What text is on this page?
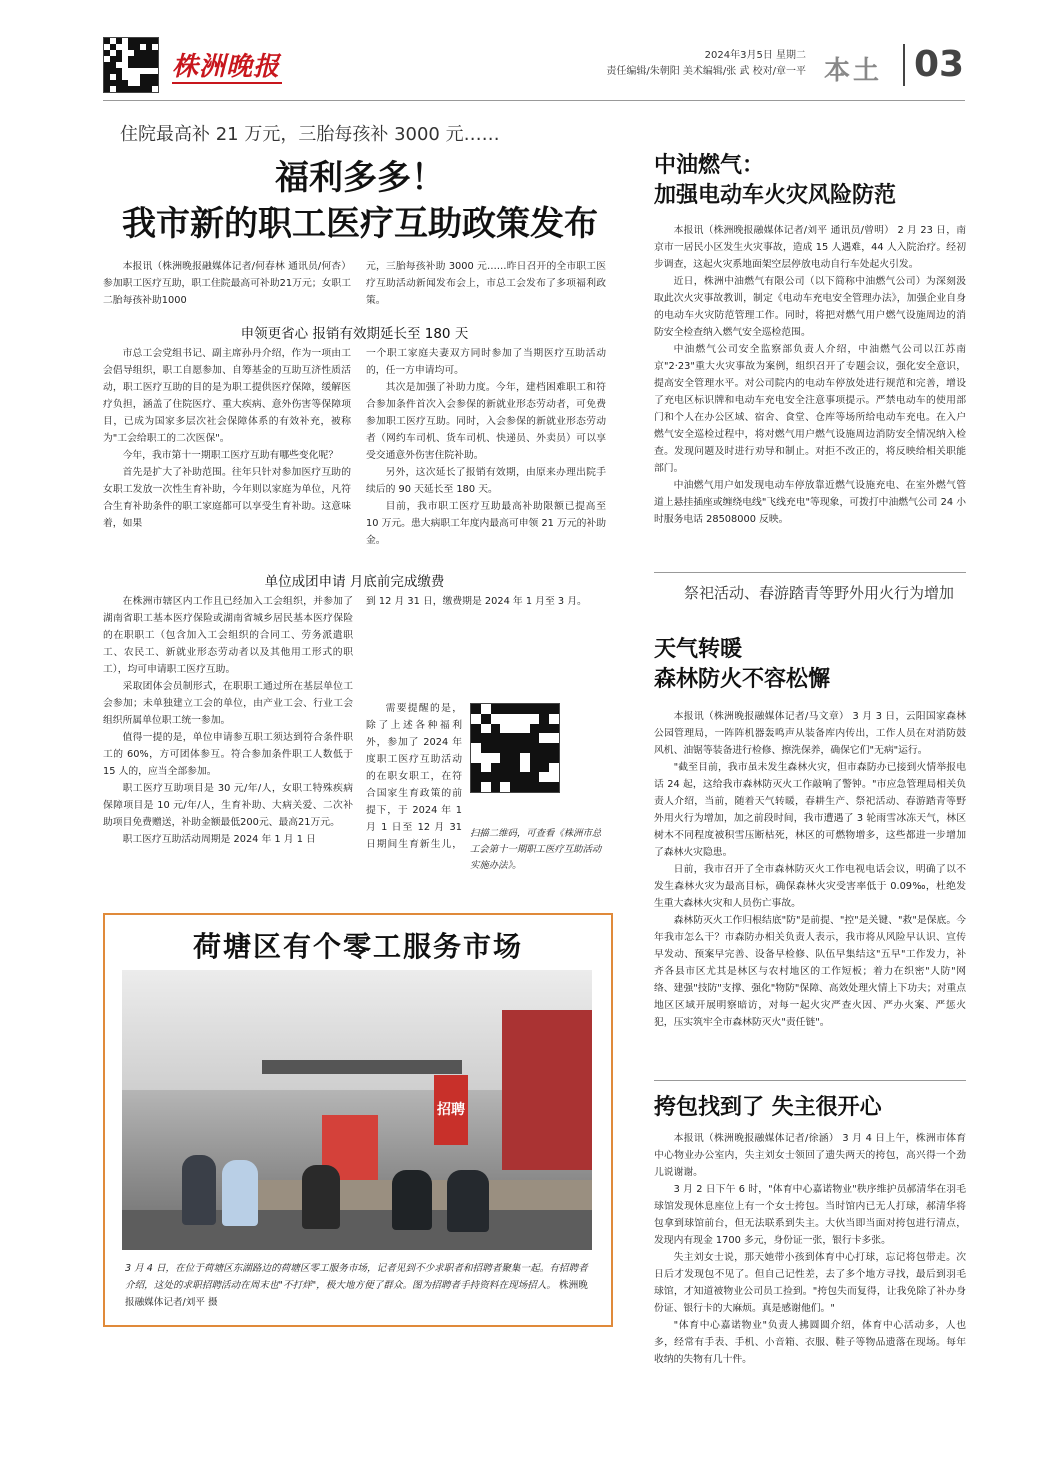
株洲晚报	2024年3月5日 星期二
责任编辑/朱朝阳 美术编辑/张 武 校对/章一平 本土 03
住院最高补 21 万元，三胎每孩补 3000 元……
福利多多！
我市新的职工医疗互助政策发布

本报讯（株洲晚报融媒体记者/何春林 通讯员/何杏） 参加职工医疗互助，职工住院最高可补助21万元；女职工二胎每孩补助1000

元，三胎每孩补助 3000 元……昨日召开的全市职工医疗互助活动新闻发布会上，市总工会发布了多项福利政策。

申领更省心 报销有效期延长至 180 天

市总工会党组书记、副主席孙丹介绍，作为一项由工会倡导组织，职工自愿参加、自筹基金的互助互济性质活动，职工医疗互助的目的是为职工提供医疗保障，缓解医疗负担，涵盖了住院医疗、重大疾病、意外伤害等保障项目，已成为国家多层次社会保障体系的有效补充，被称为"工会给职工的二次医保"。

今年，我市第十一期职工医疗互助有哪些变化呢？

首先是扩大了补助范围。往年只针对参加医疗互助的女职工发放一次性生育补助，今年则以家庭为单位，凡符合生育补助条件的职工家庭都可以享受生育补助。这意味着，如果

一个职工家庭夫妻双方同时参加了当期医疗互助活动的，任一方申请均可。

其次是加强了补助力度。今年，建档困难职工和符合参加条件首次入会参保的新就业形态劳动者，可免费参加职工医疗互助。同时，入会参保的新就业形态劳动者（网约车司机、货车司机、快递员、外卖员）可以享受交通意外伤害住院补助。

另外，这次延长了报销有效期，由原来办理出院手续后的 90 天延长至 180 天。

目前，我市职工医疗互助最高补助限额已提高至 10 万元。患大病职工年度内最高可申领 21 万元的补助金。

单位成团申请 月底前完成缴费

在株洲市辖区内工作且已经加入工会组织，并参加了湖南省职工基本医疗保险或湖南省城乡居民基本医疗保险的在职职工（包含加入工会组织的合同工、劳务派遣职工、农民工、新就业形态劳动者以及其他用工形式的职工），均可申请职工医疗互助。

采取团体会员制形式，在职职工通过所在基层单位工会参加；未单独建立工会的单位，由产业工会、行业工会组织所属单位职工统一参加。

值得一提的是，单位申请参互职工须达到符合条件职工的 60%，方可团体参互。符合参加条件职工人数低于 15 人的，应当全部参加。

职工医疗互助项目是 30 元/年/人，女职工特殊疾病保障项目是 10 元/年/人，生育补助、大病关爱、二次补助项目免费赠送，补助金额最低200元、最高21万元。

职工医疗互助活动周期是 2024 年 1 月 1 日

到 12 月 31 日，缴费期是 2024 年 1 月至 3 月。

需要提醒的是，除了上述各种福利外，参加了 2024 年度职工医疗互助活动的在职女职工，在符合国家生育政策的前提下，于 2024 年 1 月 1 日至 12 月 31 日期间生育新生儿，

扫描二维码，可查看《株洲市总工会第十一期职工医疗互助活动实施办法》。
荷塘区有个零工服务市场
招聘
3 月 4 日，在位于荷塘区东湖路边的荷塘区零工服务市场，记者见到不少求职者和招聘者聚集一起。有招聘者介绍，这处的求职招聘活动在周末也"不打烊"，极大地方便了群众。图为招聘者手持资料在现场招人。 株洲晚报融媒体记者/刘平 摄
中油燃气：
加强电动车火灾风险防范

本报讯（株洲晚报融媒体记者/刘平 通讯员/曾明） 2 月 23 日，南京市一居民小区发生火灾事故，造成 15 人遇难，44 人入院治疗。经初步调查，这起火灾系地面架空层停放电动自行车处起火引发。

近日，株洲中油燃气有限公司（以下简称中油燃气公司）为深刻汲取此次火灾事故教训，制定《电动车充电安全管理办法》，加强企业自身的电动车火灾防范管理工作。同时，将把对燃气用户燃气设施周边的消防安全检查纳入燃气安全巡检范围。

中油燃气公司安全监察部负责人介绍，中油燃气公司以江苏南京"2·23"重大火灾事故为案例，组织召开了专题会议，强化安全意识，提高安全管理水平。对公司院内的电动车停放处进行规范和完善，增设了充电区标识牌和电动车充电安全注意事项提示。严禁电动车的使用部门和个人在办公区域、宿舍、食堂、仓库等场所给电动车充电。在入户燃气安全巡检过程中，将对燃气用户燃气设施周边消防安全情况纳入检查。发现问题及时进行劝导和制止。对拒不改正的，将反映给相关职能部门。

中油燃气用户如发现电动车停放靠近燃气设施充电、在室外燃气管道上悬挂插座或缠绕电线"飞线充电"等现象，可拨打中油燃气公司 24 小时服务电话 28508000 反映。

祭祀活动、春游踏青等野外用火行为增加
天气转暖
森林防火不容松懈

本报讯（株洲晚报融媒体记者/马文章） 3 月 3 日，云阳国家森林公园管理局，一阵阵机器轰鸣声从装备库内传出，工作人员在对消防鼓风机、油锯等装备进行检修、擦洗保养，确保它们"无病"运行。

"截至目前，我市虽未发生森林火灾，但市森防办已接到火情举报电话 24 起，这给我市森林防灭火工作敲响了警钟。"市应急管理局相关负责人介绍，当前，随着天气转暖，春耕生产、祭祀活动、春游踏青等野外用火行为增加，加之前段时间，我市遭遇了 3 轮雨雪冰冻天气，林区树木不同程度被积雪压断枯死，林区的可燃物增多，这些都进一步增加了森林火灾隐患。

日前，我市召开了全市森林防灭火工作电视电话会议，明确了以不发生森林火灾为最高目标，确保森林火灾受害率低于 0.09‰，杜绝发生重大森林火灾和人员伤亡事故。

森林防灭火工作归根结底"防"是前提、"控"是关键、"救"是保底。今年我市怎么干？市森防办相关负责人表示，我市将从风险早认识、宣传早发动、预案早完善、设备早检修、队伍早集结这"五早"工作发力，补齐各县市区尤其是林区与农村地区的工作短板；着力在织密"人防"网络、建强"技防"支撑、强化"物防"保障、高效处理火情上下功夫；对重点地区区域开展明察暗访，对每一起火灾严查火因、严办火案、严惩火犯，压实筑牢全市森林防灭火"责任链"。

挎包找到了 失主很开心

本报讯（株洲晚报融媒体记者/徐涵） 3 月 4 日上午，株洲市体育中心物业办公室内，失主刘女士领回了遗失两天的挎包，高兴得一个劲儿说谢谢。

3 月 2 日下午 6 时，"体育中心嘉诺物业"秩序维护员郝清华在羽毛球馆发现休息座位上有一个女士挎包。当时馆内已无人打球，郝清华将包拿到球馆前台，但无法联系到失主。大伙当即当面对挎包进行清点，发现内有现金 1700 多元，身份证一张，银行卡多张。

失主刘女士说，那天她带小孩到体育中心打球，忘记将包带走。次日后才发现包不见了。但自己记性差，去了多个地方寻找，最后到羽毛球馆，才知道被物业公司员工捡到。"挎包失而复得，让我免除了补办身份证、银行卡的大麻烦。真是感谢他们。"

"体育中心嘉诺物业"负责人拂圆圆介绍，体育中心活动多，人也多，经常有手表、手机、小音箱、衣服、鞋子等物品遗落在现场。每年收纳的失物有几十件。
